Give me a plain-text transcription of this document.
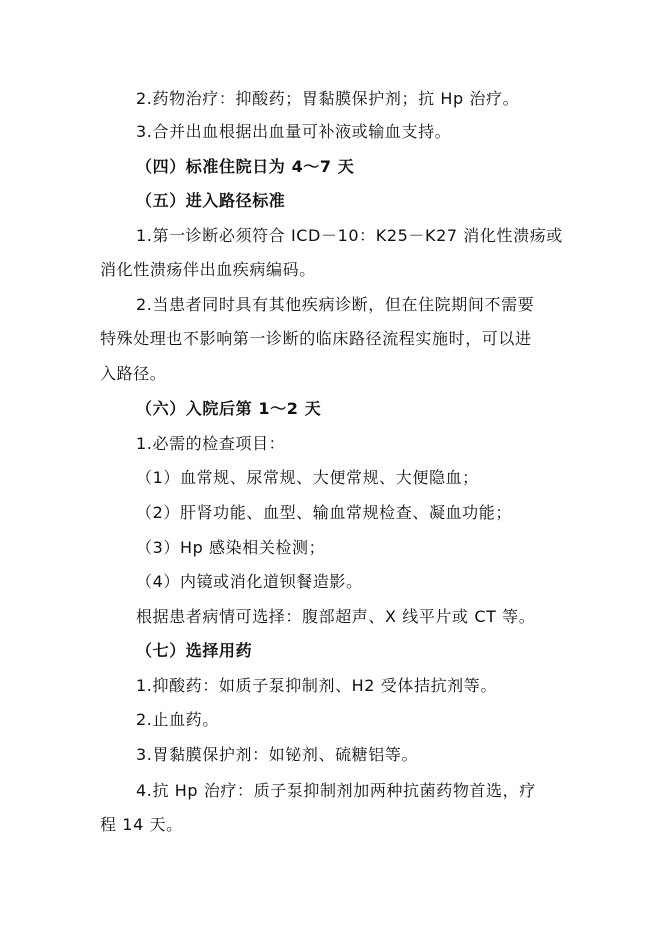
2.药物治疗：抑酸药；胃黏膜保护剂；抗 Hp 治疗。
3.合并出血根据出血量可补液或输血支持。
（四）标准住院日为 4～7 天
（五）进入路径标准
1.第一诊断必须符合 ICD－10：K25－K27 消化性溃疡或
消化性溃疡伴出血疾病编码。
2.当患者同时具有其他疾病诊断，但在住院期间不需要
特殊处理也不影响第一诊断的临床路径流程实施时，可以进
入路径。
（六）入院后第 1～2 天
1.必需的检查项目：
（1）血常规、尿常规、大便常规、大便隐血；
（2）肝肾功能、血型、输血常规检查、凝血功能；
（3）Hp 感染相关检测；
（4）内镜或消化道钡餐造影。
根据患者病情可选择：腹部超声、X 线平片或 CT 等。
（七）选择用药
1.抑酸药：如质子泵抑制剂、H2 受体拮抗剂等。
2.止血药。
3.胃黏膜保护剂：如铋剂、硫糖铝等。
4.抗 Hp 治疗：质子泵抑制剂加两种抗菌药物首选，疗
程 14 天。
